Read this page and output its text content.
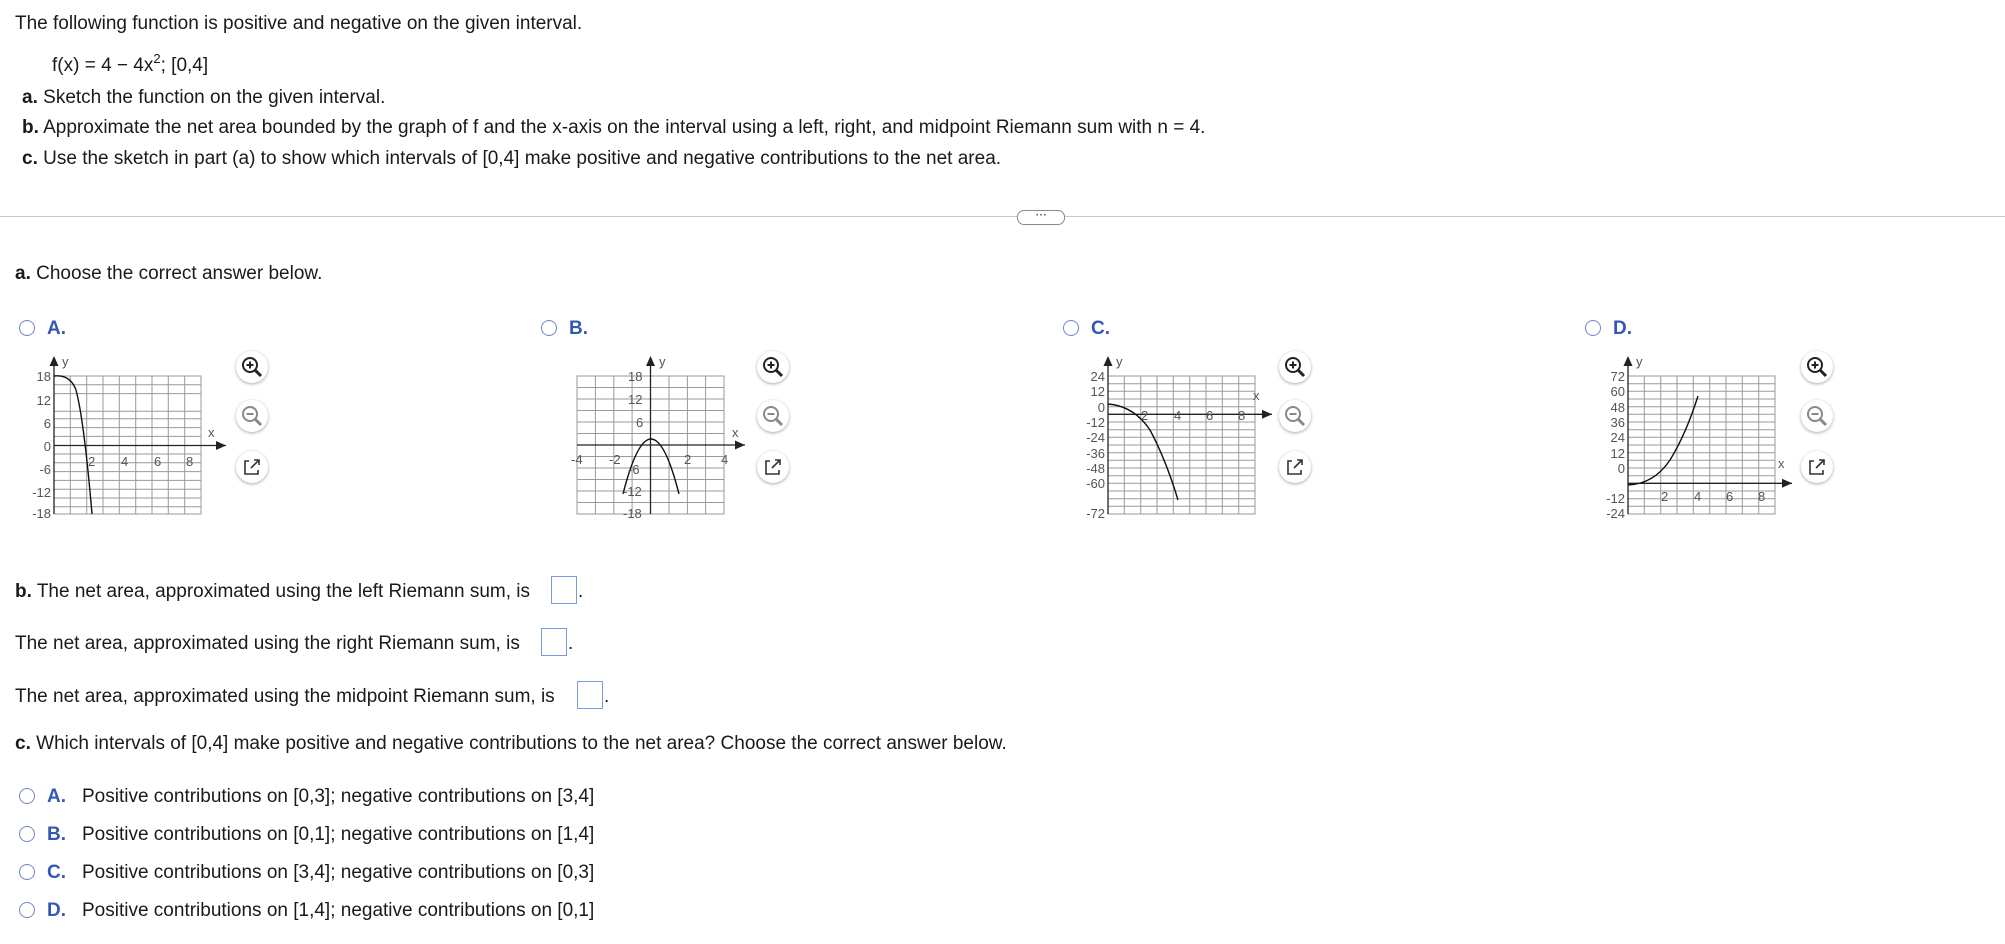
The following function is positive and negative on the given interval.
$f(x) = 4 - 4x^2$; [0,4]
a. Sketch the function on the given interval.
b. Approximate the net area bounded by the graph of f and the x-axis on the interval using a left, right, and midpoint Riemann sum with n = 4.
c. Use the sketch in part (a) to show which intervals of [0,4] make positive and negative contributions to the net area.
···
a. Choose the correct answer below.
A.
y
x
2 4 6 8
18
12
6
0
-6
-12
-18
B.
y
x
-4 -2	2 4
18
12
6
-6
-12
-18
C.
y
x
2 4 6 8
24
12
0
-12
-24
-36
-48
-60
-72
D.
y
x
2 4 6 8
72
60
48
36
24
12
0
-12
-24
b. The net area, approximated using the left Riemann sum, is	.
The net area, approximated using the right Riemann sum, is	.
The net area, approximated using the midpoint Riemann sum, is	.
c. Which intervals of [0,4] make positive and negative contributions to the net area? Choose the correct answer below.
A. Positive contributions on [0,3]; negative contributions on [3,4]
B. Positive contributions on [0,1]; negative contributions on [1,4]
C. Positive contributions on [3,4]; negative contributions on [0,3]
D. Positive contributions on [1,4]; negative contributions on [0,1]
